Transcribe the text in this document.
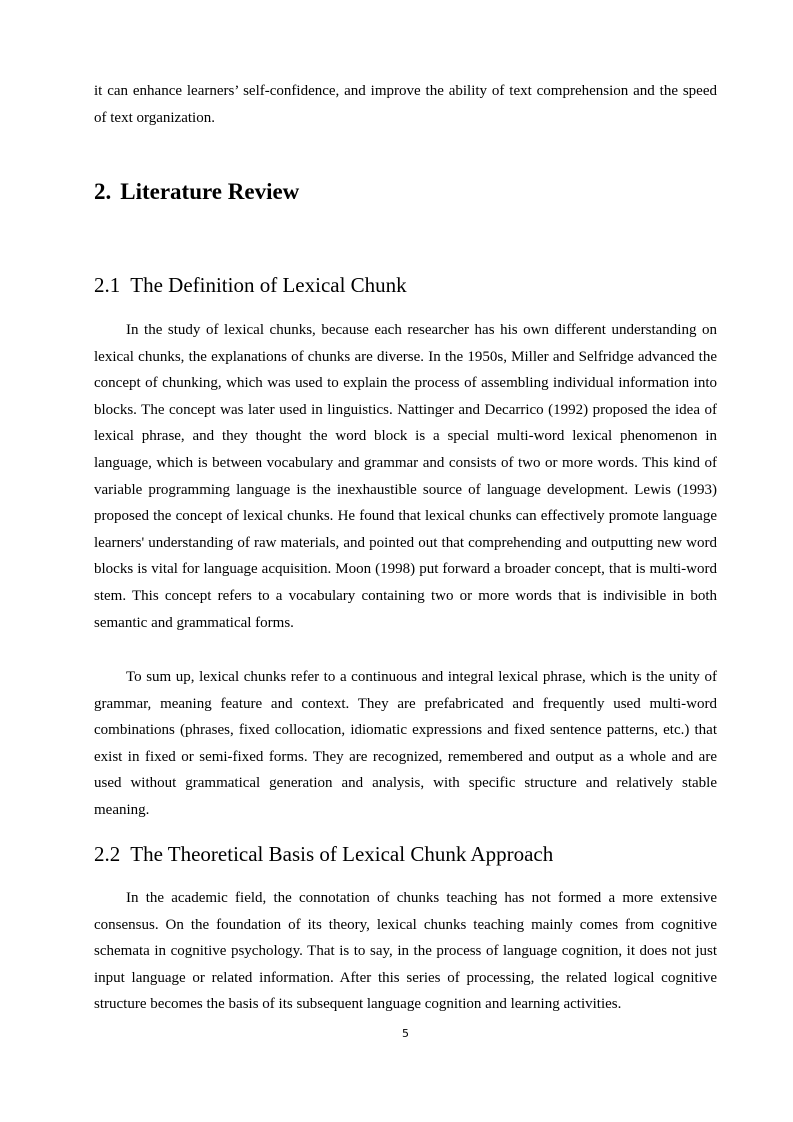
it can enhance learners’ self-confidence, and improve the ability of text comprehension and the speed of text organization.

2. Literature Review
2.1 The Definition of Lexical Chunk

In the study of lexical chunks, because each researcher has his own different understanding on lexical chunks, the explanations of chunks are diverse. In the 1950s, Miller and Selfridge advanced the concept of chunking, which was used to explain the process of assembling individual information into blocks. The concept was later used in linguistics. Nattinger and Decarrico (1992) proposed the idea of lexical phrase, and they thought the word block is a special multi-word lexical phenomenon in language, which is between vocabulary and grammar and consists of two or more words. This kind of variable programming language is the inexhaustible source of language development. Lewis (1993) proposed the concept of lexical chunks. He found that lexical chunks can effectively promote language learners' understanding of raw materials, and pointed out that comprehending and outputting new word blocks is vital for language acquisition. Moon (1998) put forward a broader concept, that is multi-word stem. This concept refers to a vocabulary containing two or more words that is indivisible in both semantic and grammatical forms.

To sum up, lexical chunks refer to a continuous and integral lexical phrase, which is the unity of grammar, meaning feature and context. They are prefabricated and frequently used multi-word combinations (phrases, fixed collocation, idiomatic expressions and fixed sentence patterns, etc.) that exist in fixed or semi-fixed forms. They are recognized, remembered and output as a whole and are used without grammatical generation and analysis, with specific structure and relatively stable meaning.

2.2 The Theoretical Basis of Lexical Chunk Approach

In the academic field, the connotation of chunks teaching has not formed a more extensive consensus. On the foundation of its theory, lexical chunks teaching mainly comes from cognitive schemata in cognitive psychology. That is to say, in the process of language cognition, it does not just input language or related information. After this series of processing, the related logical cognitive structure becomes the basis of its subsequent language cognition and learning activities.

5
